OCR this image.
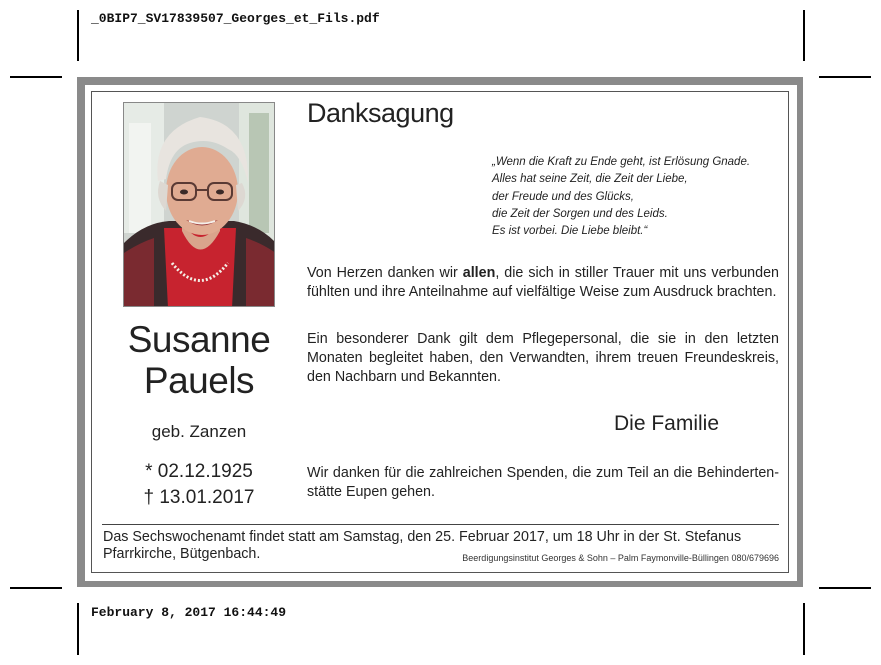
_0BIP7_SV17839507_Georges_et_Fils.pdf
February 8, 2017 16:44:49
Susanne
Pauels
geb. Zanzen
* 02.12.1925
† 13.01.2017
Danksagung
„Wenn die Kraft zu Ende geht, ist Erlösung Gnade.
Alles hat seine Zeit, die Zeit der Liebe,
der Freude und des Glücks,
die Zeit der Sorgen und des Leids.
Es ist vorbei. Die Liebe bleibt.“
Von Herzen danken wir allen, die sich in stiller Trauer mit uns verbunden fühlten und ihre Anteilnahme auf vielfältige Weise zum Ausdruck brachten.
Ein besonderer Dank gilt dem Pflegepersonal, die sie in den letzten Monaten begleitet haben, den Verwandten, ihrem treuen Freundeskreis, den Nachbarn und Bekannten.
Die Familie
Wir danken für die zahlreichen Spenden, die zum Teil an die Behinderten-stätte Eupen gehen.
Das Sechswochenamt findet statt am Samstag, den 25. Februar 2017, um 18 Uhr in der St. Stefanus
Pfarrkirche, Bütgenbach.	Beerdigungsinstitut Georges & Sohn – Palm Faymonville-Büllingen 080/679696
